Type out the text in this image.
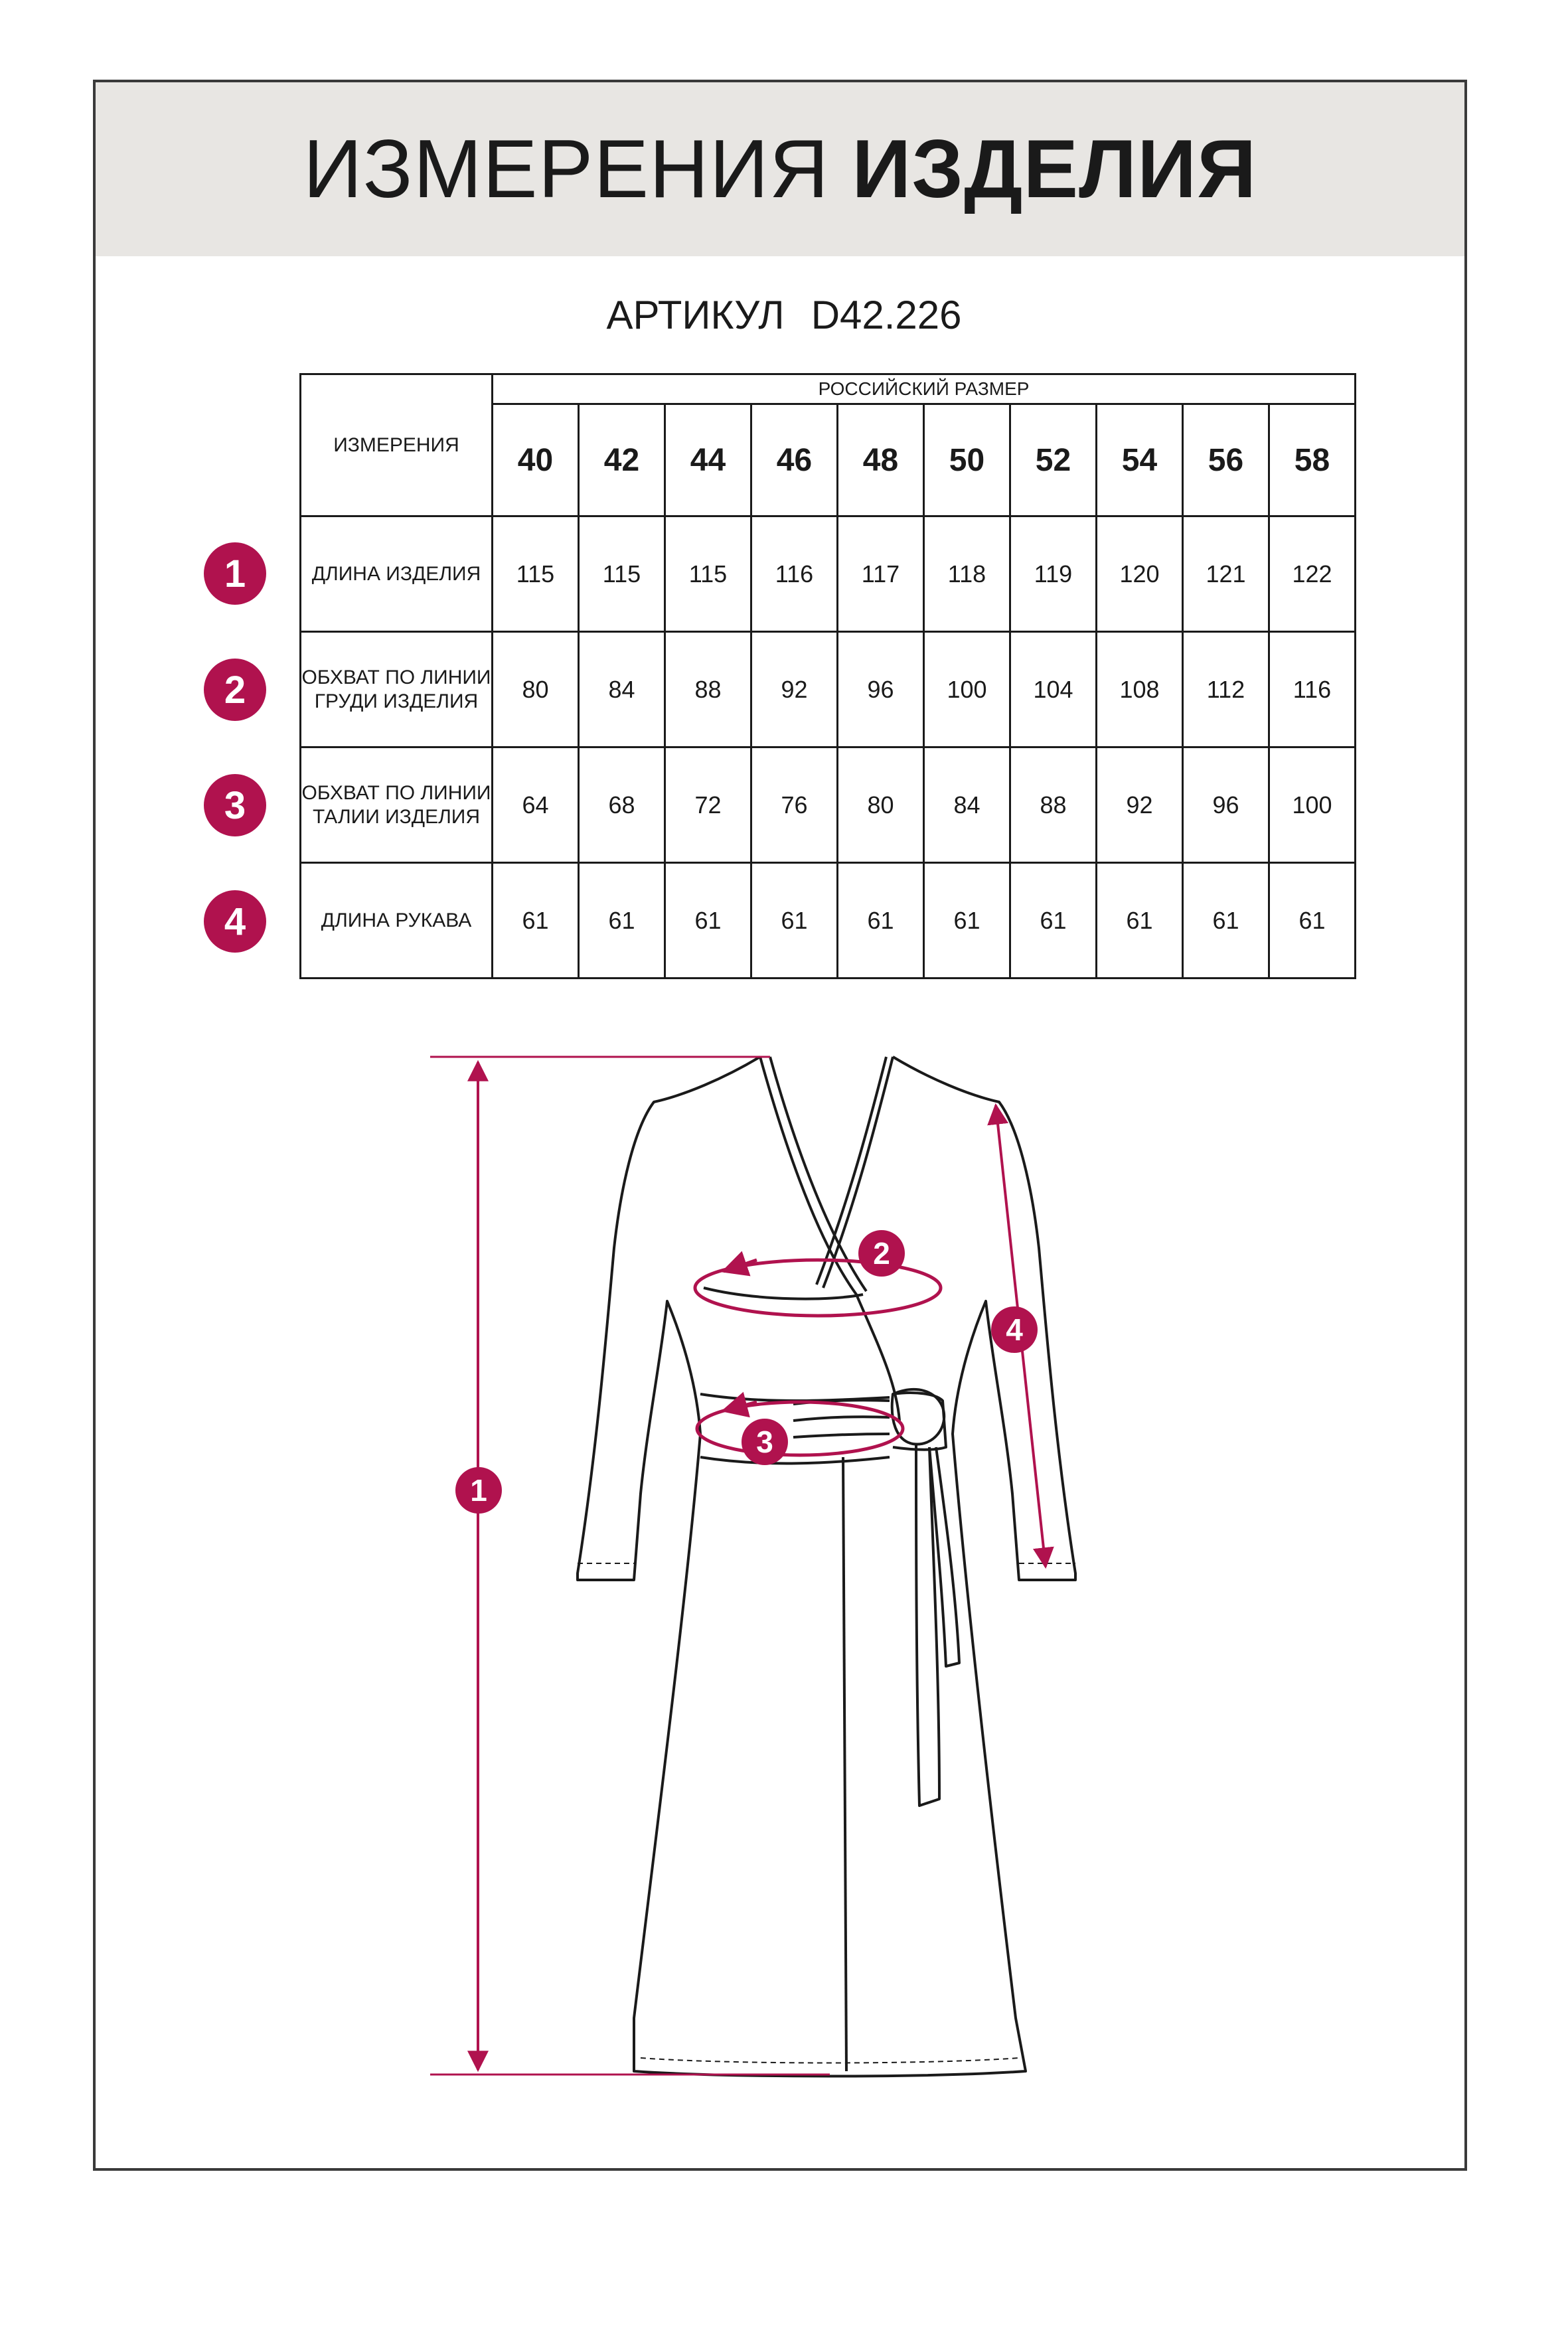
ИЗМЕРЕНИЯ ИЗДЕЛИЯ
АРТИКУЛ D42.226
ИЗМЕРЕНИЯ	РОССИЙСКИЙ РАЗМЕР									
	40	42	44	46	48	50	52	54	56	58
ДЛИНА ИЗДЕЛИЯ	115	115	115	116	117	118	119	120	121	122
ОБХВАТ ПО ЛИНИИ ГРУДИ ИЗДЕЛИЯ	80	84	88	92	96	100	104	108	112	116
ОБХВАТ ПО ЛИНИИ ТАЛИИ ИЗДЕЛИЯ	64	68	72	76	80	84	88	92	96	100
ДЛИНА РУКАВА	61	61	61	61	61	61	61	61	61	61
1
2
3
4
1
2
3
4
